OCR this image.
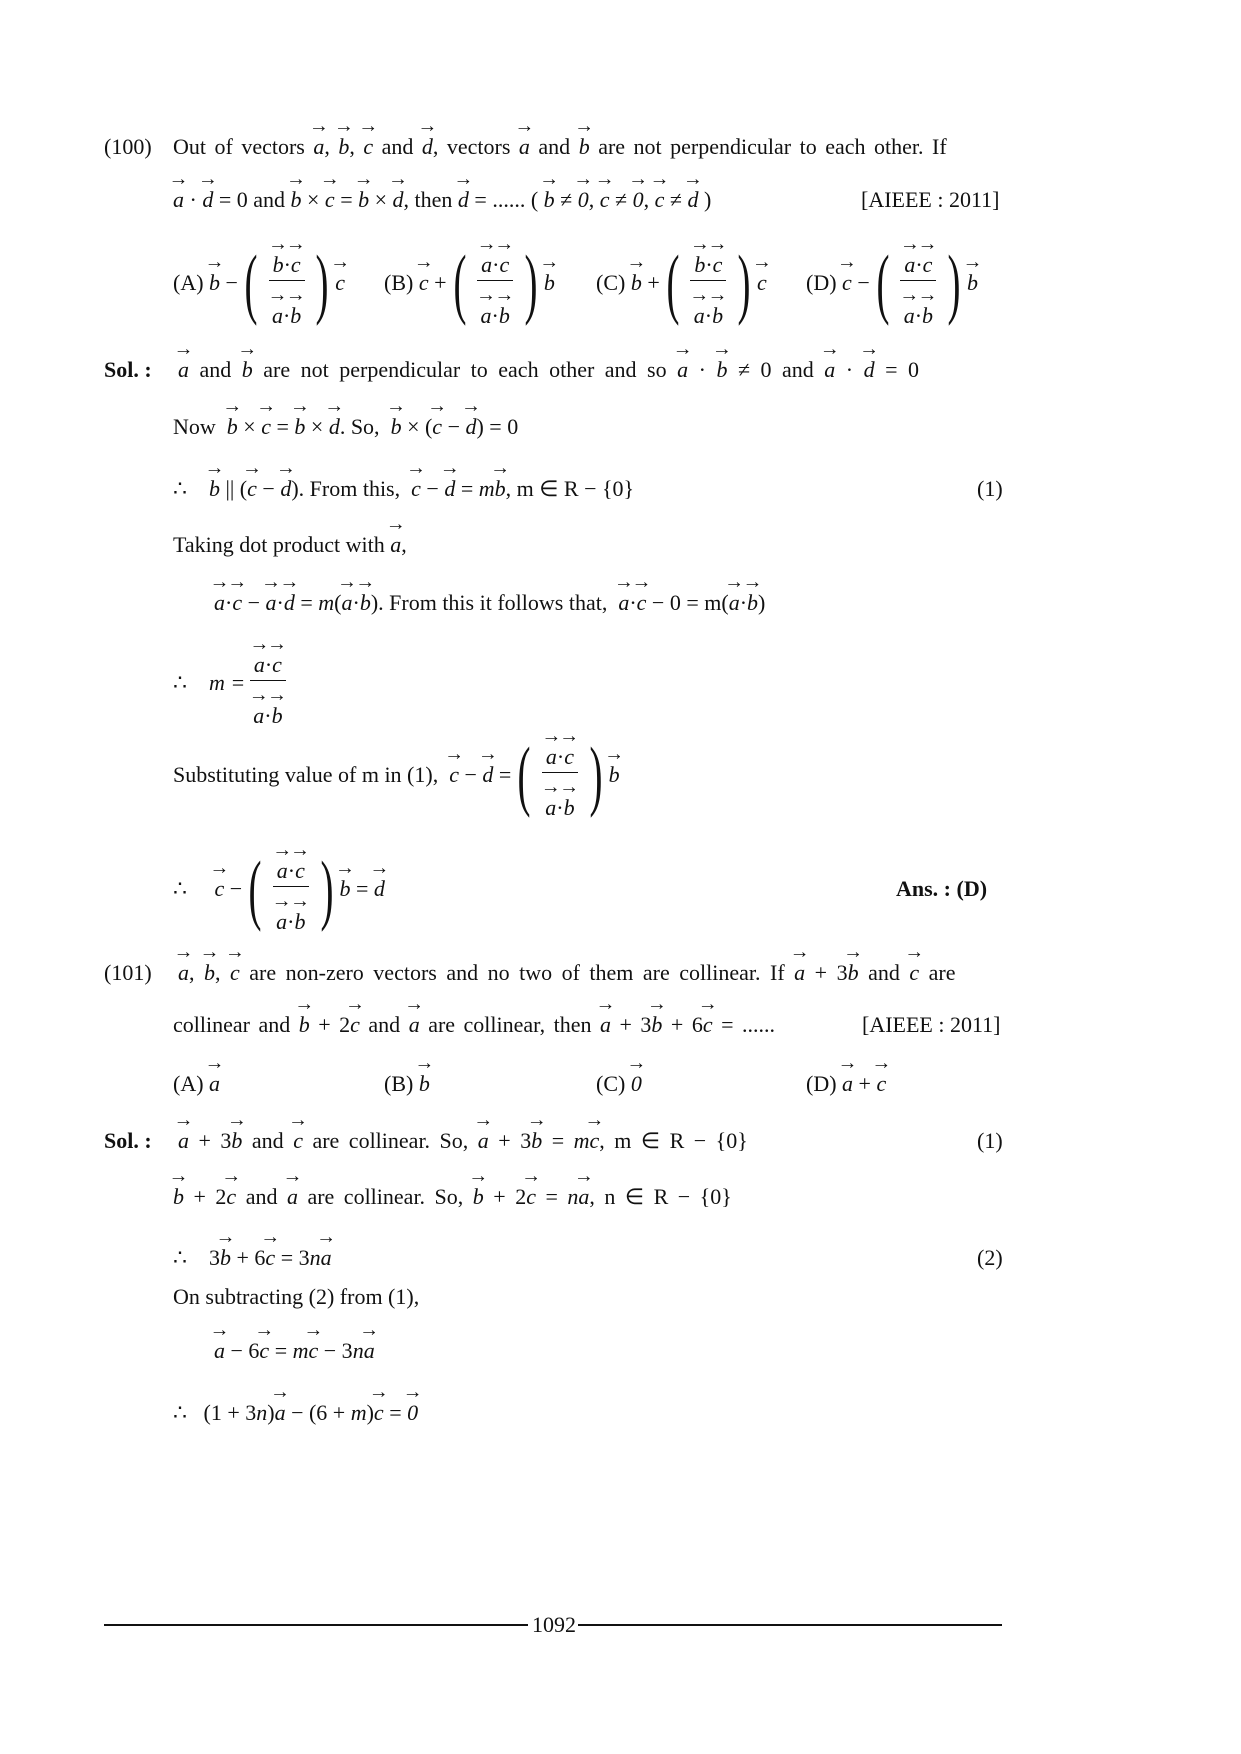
(100) Out of vectors → a, → b, → c and → d, vectors → a and → b are not perpendicular to each other. If
→ a · → d = 0 and → b × → c = → b × → d, then → d = ...... ( → b ≠ → 0, → c ≠ → 0, → c ≠ → d )	[AIEEE : 2011]
(A)
→ b − ( → b·→ c
→ a·→ b ) → c (B)
→ c + ( → a·→ c
→ a·→ b ) → b (C)
→ b + ( → b·→ c
→ a·→ b ) → c (D)
→ c − ( → a·→ c
→ a·→ b ) → b
Sol. : → a and → b are not perpendicular to each other and so → a · → b ≠ 0 and → a · → d = 0
Now → b × → c = → b × → d. So, → b × (→ c − → d) = 0
∴ → b || (→ c − → d). From this, → c − → d = m→ b, m ∈ R − {0}	(1)
Taking dot product with → a,
→ a·→ c − → a·→ d = m(→ a·→ b). From this it follows that, → a·→ c − 0 = m(→ a·→ b)
∴
m = → a·→ c
→ a·→ b
Substituting value of m in (1),
→ c − → d = ( → a·→ c
→ a·→ b ) → b
∴
→ c − ( → a·→ c
→ a·→ b ) → b = → d	Ans. : (D)
(101) → a, → b, → c are non-zero vectors and no two of them are collinear. If → a + 3→ b and → c are
collinear and → b + 2→ c and → a are collinear, then → a + 3→ b + 6→ c = ......	[AIEEE : 2011]
(A) → a	(B) → b	(C) → 0	(D) → a + → c
Sol. : → a + 3→ b and → c are collinear. So, → a + 3→ b = m→ c, m ∈ R − {0}	(1)
→ b + 2→ c and → a are collinear. So, → b + 2→ c = n→ a, n ∈ R − {0}
∴    3→ b + 6→ c = 3n→ a	(2)
On subtracting (2) from (1),
→ a − 6→ c = m→ c − 3n→ a
∴   (1 + 3n)→ a − (6 + m)→ c = → 0
1092
